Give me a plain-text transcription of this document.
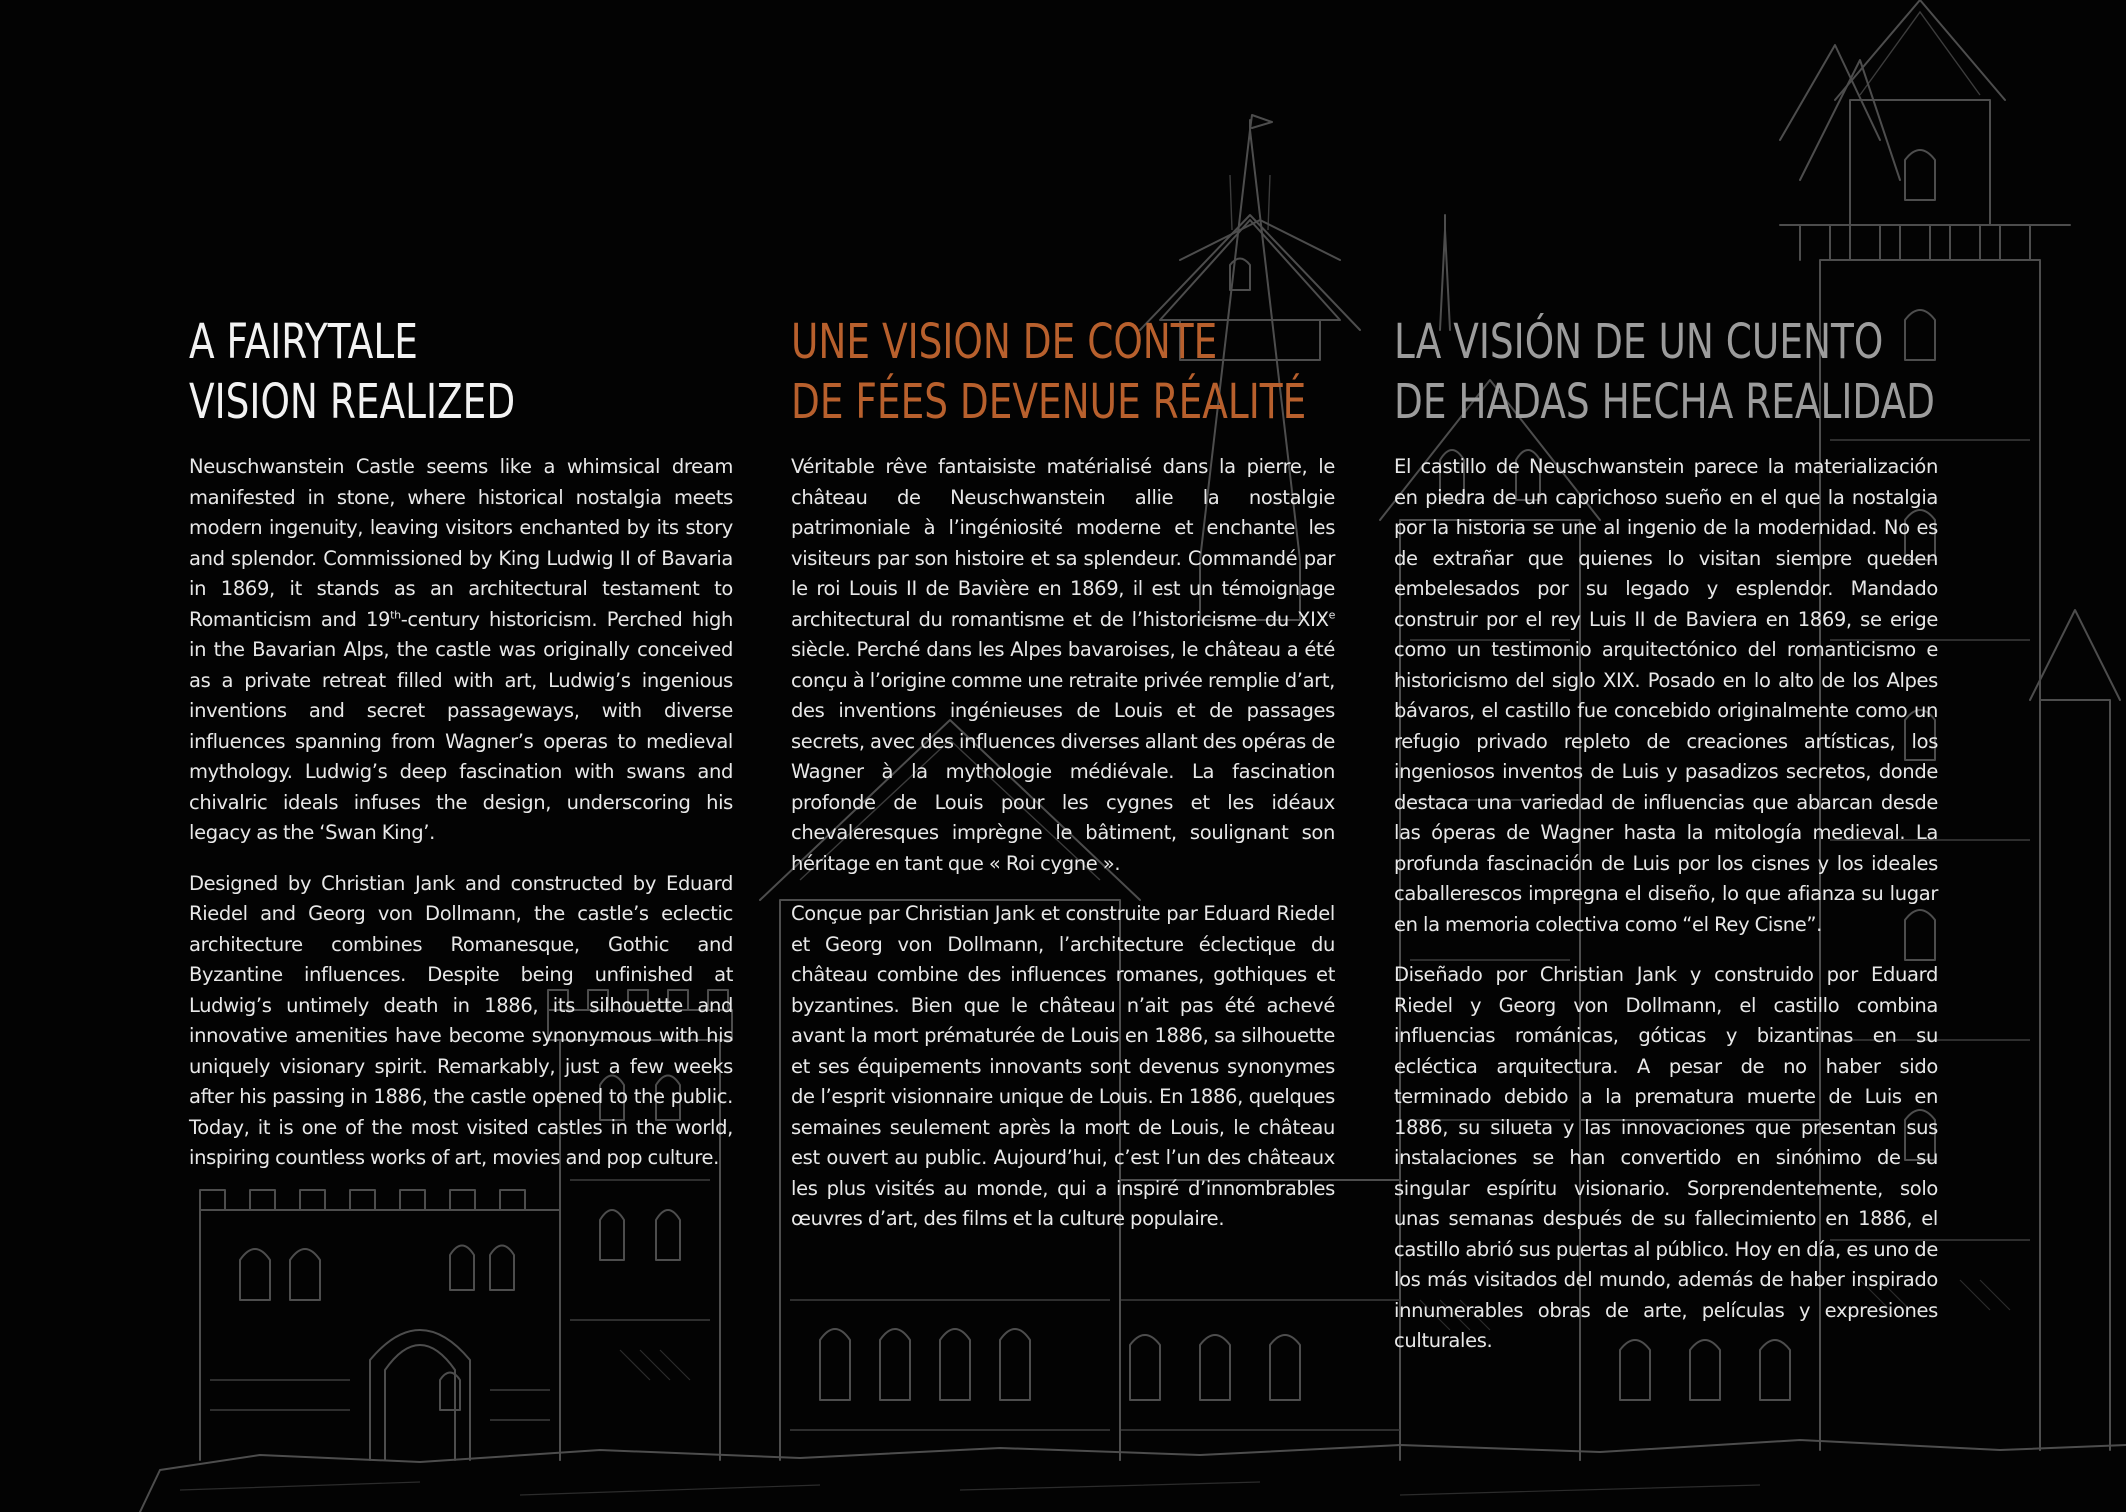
A FAIRYTALE
VISION REALIZED

Neuschwanstein Castle seems like a whimsical dream manifested in stone, where historical nostalgia meets modern ingenuity, leaving visitors enchanted by its story and splendor. Commissioned by King Ludwig II of Bavaria in 1869, it stands as an architectural testament to Romanticism and 19th-century historicism. Perched high in the Bavarian Alps, the castle was originally conceived as a private retreat filled with art, Ludwig’s ingenious inventions and secret passageways, with diverse influences spanning from Wagner’s operas to medieval mythology. Ludwig’s deep fascination with swans and chivalric ideals infuses the design, underscoring his legacy as the ‘Swan King’.

Designed by Christian Jank and constructed by Eduard Riedel and Georg von Dollmann, the castle’s eclectic architecture combines Romanesque, Gothic and Byzantine influences. Despite being unfinished at Ludwig’s untimely death in 1886, its silhouette and innovative amenities have become synonymous with his uniquely visionary spirit. Remarkably, just a few weeks after his passing in 1886, the castle opened to the public. Today, it is one of the most visited castles in the world, inspiring countless works of art, movies and pop culture.

UNE VISION DE CONTE
DE FÉES DEVENUE RÉALITÉ

Véritable rêve fantaisiste matérialisé dans la pierre, le château de Neuschwanstein allie la nostalgie patrimoniale à l’ingéniosité moderne et enchante les visiteurs par son histoire et sa splendeur. Commandé par le roi Louis II de Bavière en 1869, il est un témoignage architectural du romantisme et de l’historicisme du XIXe siècle. Perché dans les Alpes bavaroises, le château a été conçu à l’origine comme une retraite privée remplie d’art, des inventions ingénieuses de Louis et de passages secrets, avec des influences diverses allant des opéras de Wagner à la mythologie médiévale. La fascination profonde de Louis pour les cygnes et les idéaux chevaleresques imprègne le bâtiment, soulignant son héritage en tant que « Roi cygne ».

Conçue par Christian Jank et construite par Eduard Riedel et Georg von Dollmann, l’architecture éclectique du château combine des influences romanes, gothiques et byzantines. Bien que le château n’ait pas été achevé avant la mort prématurée de Louis en 1886, sa silhouette et ses équipements innovants sont devenus synonymes de l’esprit visionnaire unique de Louis. En 1886, quelques semaines seulement après la mort de Louis, le château est ouvert au public. Aujourd’hui, c’est l’un des châteaux les plus visités au monde, qui a inspiré d’innombrables œuvres d’art, des films et la culture populaire.

LA VISIÓN DE UN CUENTO
DE HADAS HECHA REALIDAD

El castillo de Neuschwanstein parece la materialización en piedra de un caprichoso sueño en el que la nostalgia por la historia se une al ingenio de la modernidad. No es de extrañar que quienes lo visitan siempre queden embelesados por su legado y esplendor. Mandado construir por el rey Luis II de Baviera en 1869, se erige como un testimonio arquitectónico del romanticismo e historicismo del siglo XIX. Posado en lo alto de los Alpes bávaros, el castillo fue concebido originalmente como un refugio privado repleto de creaciones artísticas, los ingeniosos inventos de Luis y pasadizos secretos, donde destaca una variedad de influencias que abarcan desde las óperas de Wagner hasta la mitología medieval. La profunda fascinación de Luis por los cisnes y los ideales caballerescos impregna el diseño, lo que afianza su lugar en la memoria colectiva como “el Rey Cisne”.

Diseñado por Christian Jank y construido por Eduard Riedel y Georg von Dollmann, el castillo combina influencias románicas, góticas y bizantinas en su ecléctica arquitectura. A pesar de no haber sido terminado debido a la prematura muerte de Luis en 1886, su silueta y las innovaciones que presentan sus instalaciones se han convertido en sinónimo de su singular espíritu visionario. Sorprendentemente, solo unas semanas después de su fallecimiento en 1886, el castillo abrió sus puertas al público. Hoy en día, es uno de los más visitados del mundo, además de haber inspirado innumerables obras de arte, películas y expresiones culturales.
